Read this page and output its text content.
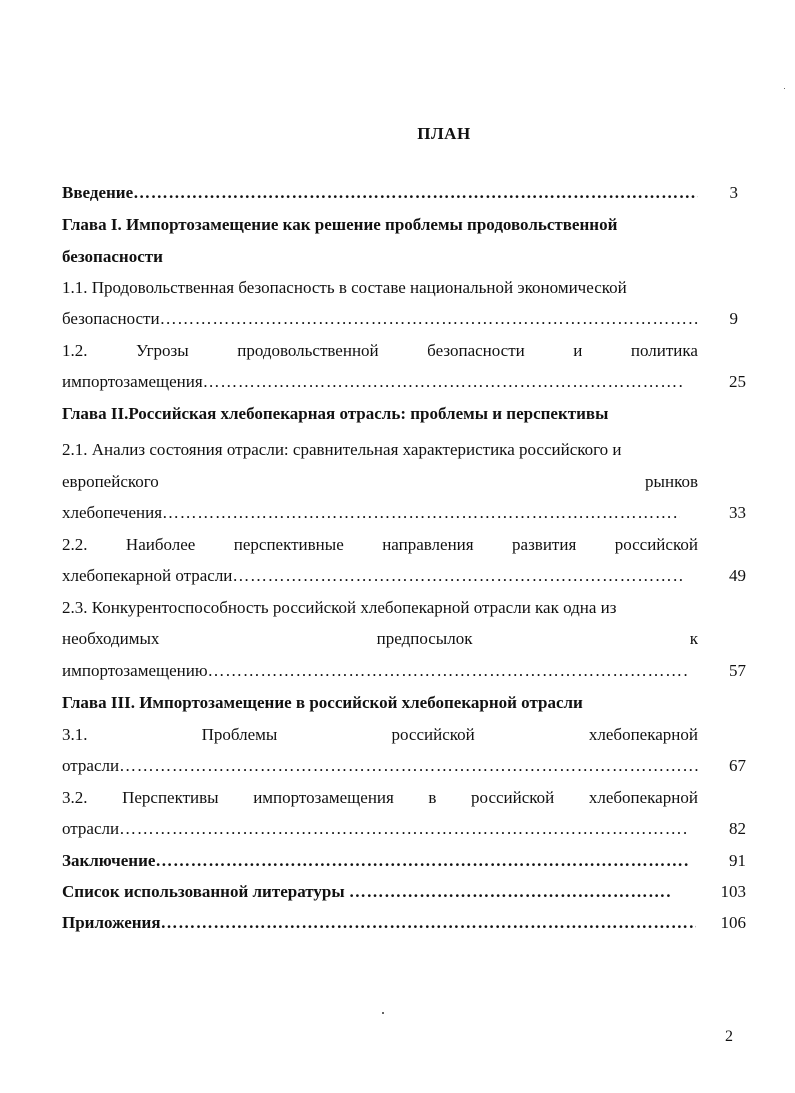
ПЛАН
Введение …………………………………………………………………………………………………………………………	3
Глава I. Импортозамещение как решение проблемы продовольственной
безопасности
1.1. Продовольственная безопасность в составе национальной экономической
безопасности …………………………………………………………………………………………………………………………	9
1.2.	Угрозы	продовольственной	безопасности	и	политика
импортозамещения …………………………………………………………………………………………………………………………	25
Глава II.Российская хлебопекарная отрасль: проблемы и перспективы
2.1. Анализ состояния отрасли: сравнительная характеристика российского и
европейского	рынков
хлебопечения …………………………………………………………………………………………………………………………	33
2.2. Наиболее перспективные направления развития российской
хлебопекарной отрасли …………………………………………………………………………………………………………………………	49
2.3. Конкурентоспособность российской хлебопекарной отрасли как одна из
необходимых	предпосылок	к
импортозамещению …………………………………………………………………………………………………………………………	57
Глава III. Импортозамещение в российской хлебопекарной отрасли
3.1.	Проблемы	российской	хлебопекарной
отрасли …………………………………………………………………………………………………………………………	67
3.2. Перспективы импортозамещения в российской хлебопекарной
отрасли …………………………………………………………………………………………………………………………	82
Заключение …………………………………………………………………………………………………………………………	91
Список использованной литературы …………………………………………………………………………………………………………………………	103
Приложения …………………………………………………………………………………………………………………………	106
2
